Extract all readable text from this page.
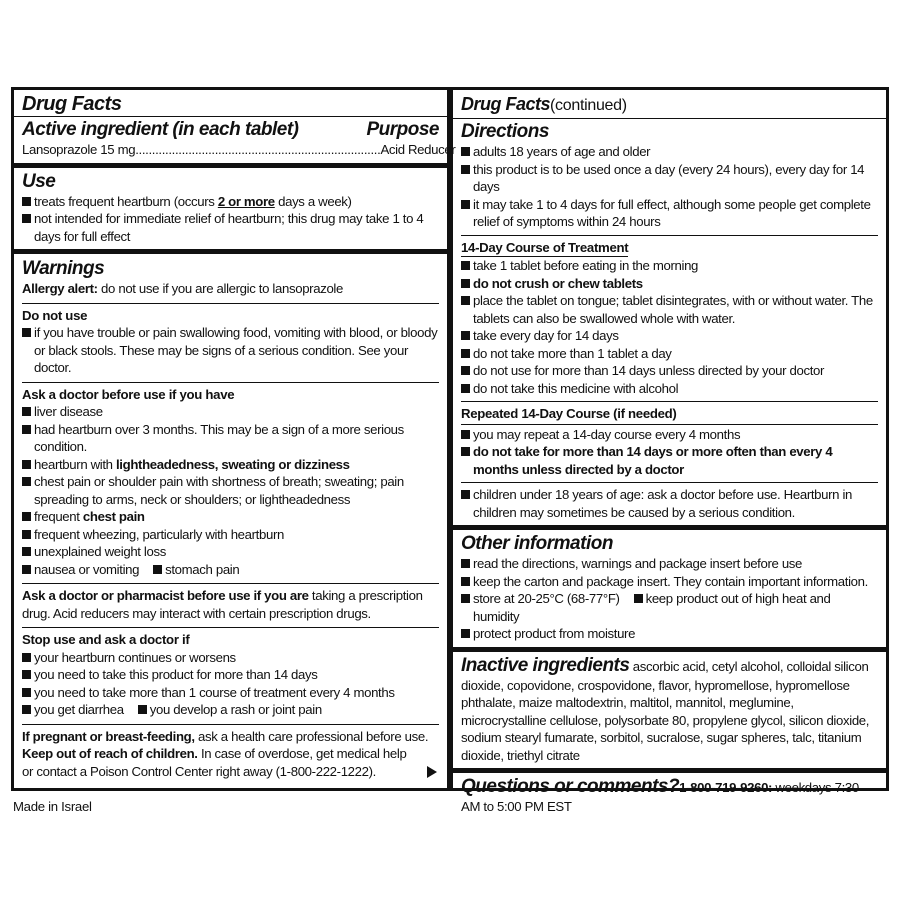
Drug Facts
Active ingredient (in each tablet)	Purpose
Lansoprazole 15 mg .......................................................................... Acid Reducer
Use
treats frequent heartburn (occurs 2 or more days a week)
not intended for immediate relief of heartburn; this drug may take 1 to 4 days for full effect
Warnings
Allergy alert: do not use if you are allergic to lansoprazole
Do not use
if you have trouble or pain swallowing food, vomiting with blood, or bloody or black stools. These may be signs of a serious condition. See your doctor.
Ask a doctor before use if you have
liver disease
had heartburn over 3 months. This may be a sign of a more serious condition.
heartburn with lightheadedness, sweating or dizziness
chest pain or shoulder pain with shortness of breath; sweating; pain spreading to arms, neck or shoulders; or lightheadedness
frequent chest pain
frequent wheezing, particularly with heartburn
unexplained weight loss
nausea or vomiting stomach pain
Ask a doctor or pharmacist before use if you are taking a prescription drug. Acid reducers may interact with certain prescription drugs.
Stop use and ask a doctor if
your heartburn continues or worsens
you need to take this product for more than 14 days
you need to take more than 1 course of treatment every 4 months
you get diarrhea you develop a rash or joint pain
If pregnant or breast-feeding, ask a health care professional before use.
Keep out of reach of children. In case of overdose, get medical help or contact a Poison Control Center right away (1-800-222-1222).
Drug Facts(continued)
Directions
adults 18 years of age and older
this product is to be used once a day (every 24 hours), every day for 14 days
it may take 1 to 4 days for full effect, although some people get complete relief of symptoms within 24 hours
14-Day Course of Treatment
take 1 tablet before eating in the morning
do not crush or chew tablets
place the tablet on tongue; tablet disintegrates, with or without water. The tablets can also be swallowed whole with water.
take every day for 14 days
do not take more than 1 tablet a day
do not use for more than 14 days unless directed by your doctor
do not take this medicine with alcohol
Repeated 14-Day Course (if needed)
you may repeat a 14-day course every 4 months
do not take for more than 14 days or more often than every 4 months unless directed by a doctor
children under 18 years of age: ask a doctor before use. Heartburn in children may sometimes be caused by a serious condition.
Other information
read the directions, warnings and package insert before use
keep the carton and package insert. They contain important information.
store at 20-25°C (68-77°F) keep product out of high heat and humidity
protect product from moisture
Inactive ingredients ascorbic acid, cetyl alcohol, colloidal silicon dioxide, copovidone, crospovidone, flavor, hypromellose, hypromellose phthalate, maize maltodextrin, maltitol, mannitol, meglumine, microcrystalline cellulose, polysorbate 80, propylene glycol, silicon dioxide, sodium stearyl fumarate, sorbitol, sucralose, sugar spheres, talc, titanium dioxide, triethyl citrate
Questions or comments?1-800-719-9260: weekdays 7:30 AM to 5:00 PM EST
Made in Israel
